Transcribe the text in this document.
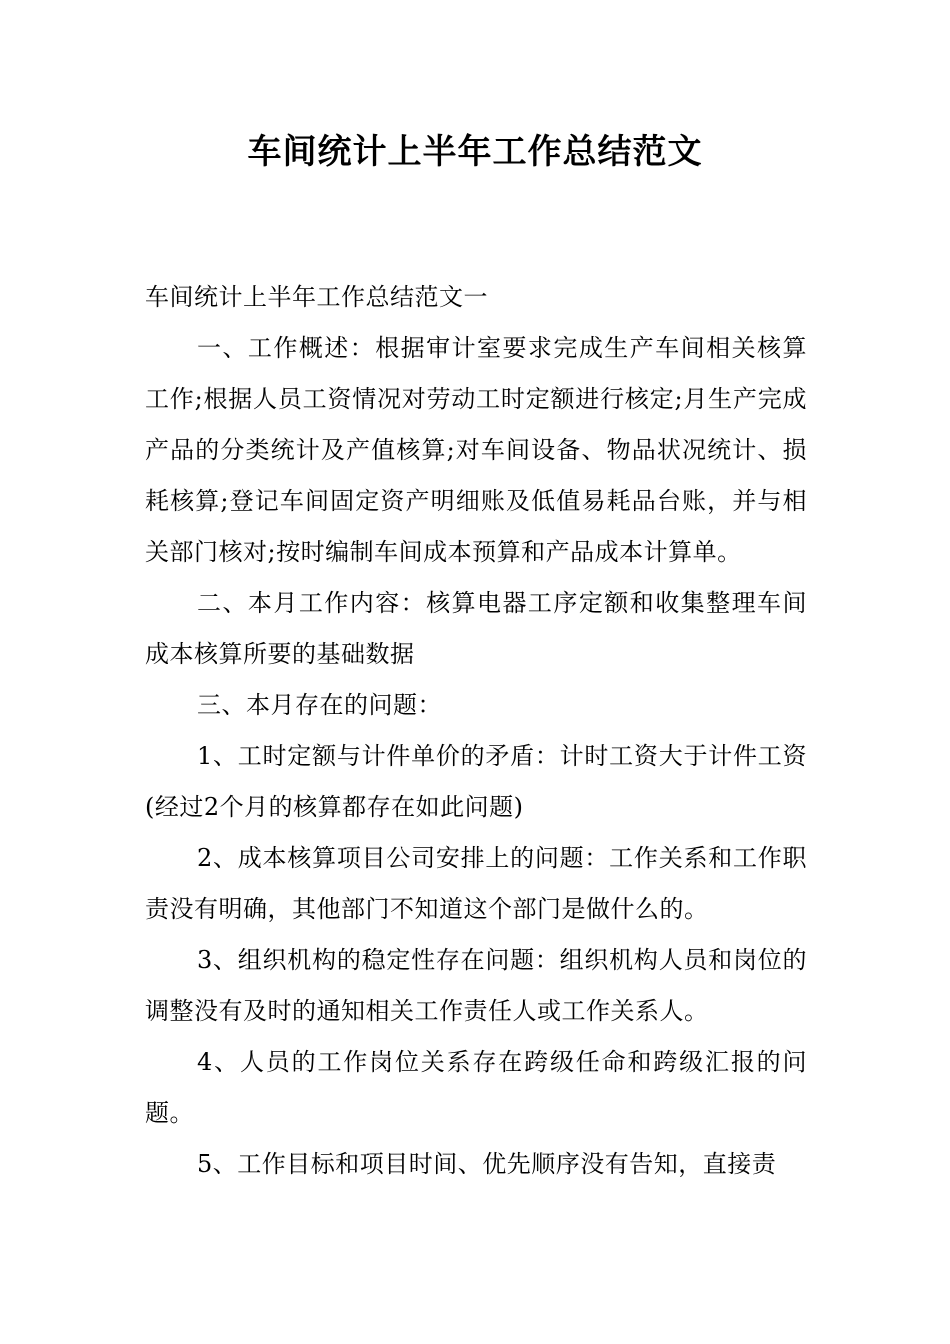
车间统计上半年工作总结范文

车间统计上半年工作总结范文一

一、工作概述：根据审计室要求完成生产车间相关核算工作;根据人员工资情况对劳动工时定额进行核定;月生产完成产品的分类统计及产值核算;对车间设备、物品状况统计、损耗核算;登记车间固定资产明细账及低值易耗品台账，并与相关部门核对;按时编制车间成本预算和产品成本计算单。

二、本月工作内容：核算电器工序定额和收集整理车间成本核算所要的基础数据

三、本月存在的问题：

1、工时定额与计件单价的矛盾：计时工资大于计件工资(经过2个月的核算都存在如此问题)

2、成本核算项目公司安排上的问题：工作关系和工作职责没有明确，其他部门不知道这个部门是做什么的。

3、组织机构的稳定性存在问题：组织机构人员和岗位的调整没有及时的通知相关工作责任人或工作关系人。

4、人员的工作岗位关系存在跨级任命和跨级汇报的问题。

5、工作目标和项目时间、优先顺序没有告知，直接责
